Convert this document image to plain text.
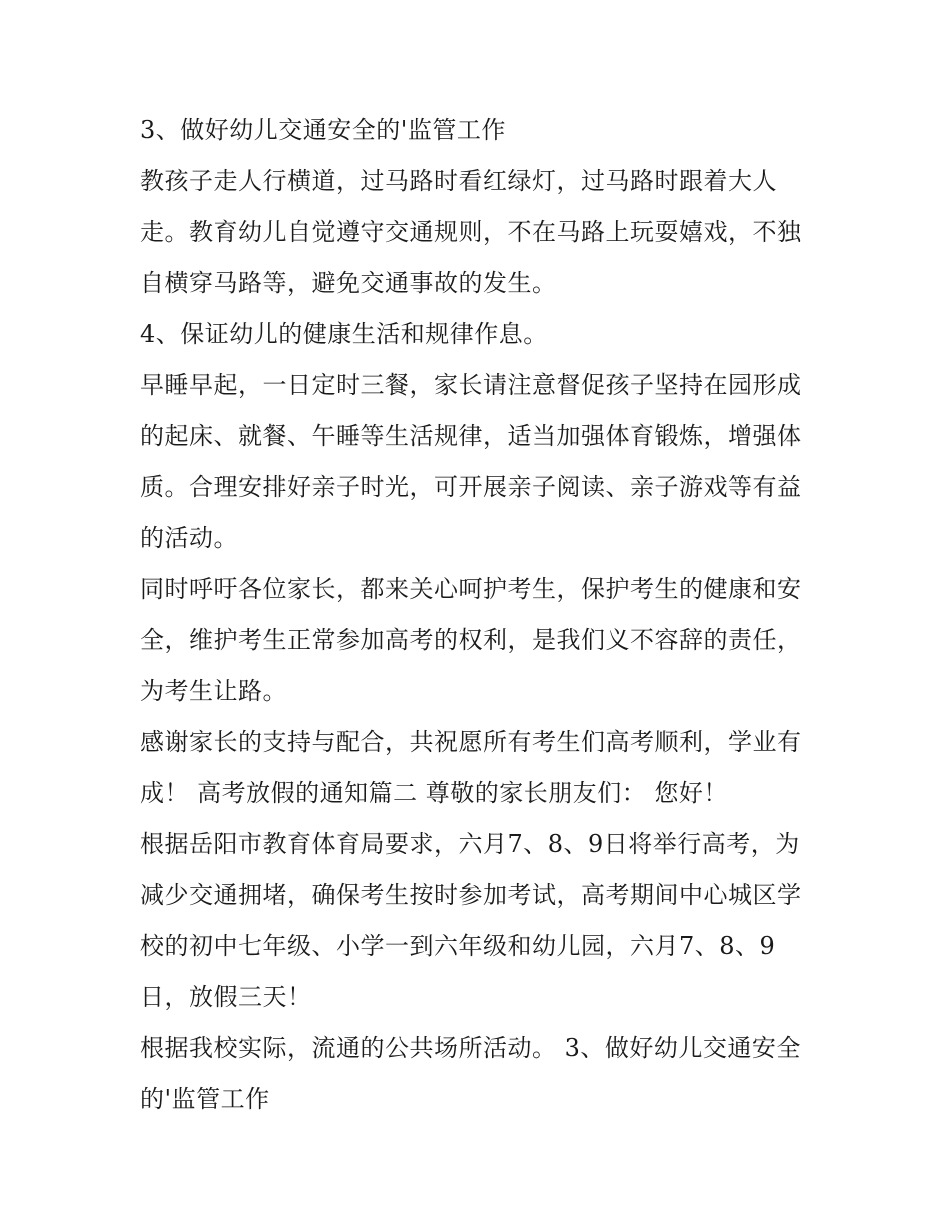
3、做好幼儿交通安全的'监管工作
教孩子走人行横道，过马路时看红绿灯，过马路时跟着大人
走。教育幼儿自觉遵守交通规则，不在马路上玩耍嬉戏，不独
自横穿马路等，避免交通事故的发生。
4、保证幼儿的健康生活和规律作息。
早睡早起，一日定时三餐，家长请注意督促孩子坚持在园形成
的起床、就餐、午睡等生活规律，适当加强体育锻炼，增强体
质。合理安排好亲子时光，可开展亲子阅读、亲子游戏等有益
的活动。
同时呼吁各位家长，都来关心呵护考生，保护考生的健康和安
全，维护考生正常参加高考的权利，是我们义不容辞的责任，
为考生让路。
感谢家长的支持与配合，共祝愿所有考生们高考顺利，学业有
成！ 高考放假的通知篇二 尊敬的家长朋友们： 您好！
根据岳阳市教育体育局要求，六月7、8、9日将举行高考，为
减少交通拥堵，确保考生按时参加考试，高考期间中心城区学
校的初中七年级、小学一到六年级和幼儿园，六月7、8、9
日，放假三天！
根据我校实际，流通的公共场所活动。 3、做好幼儿交通安全
的'监管工作
